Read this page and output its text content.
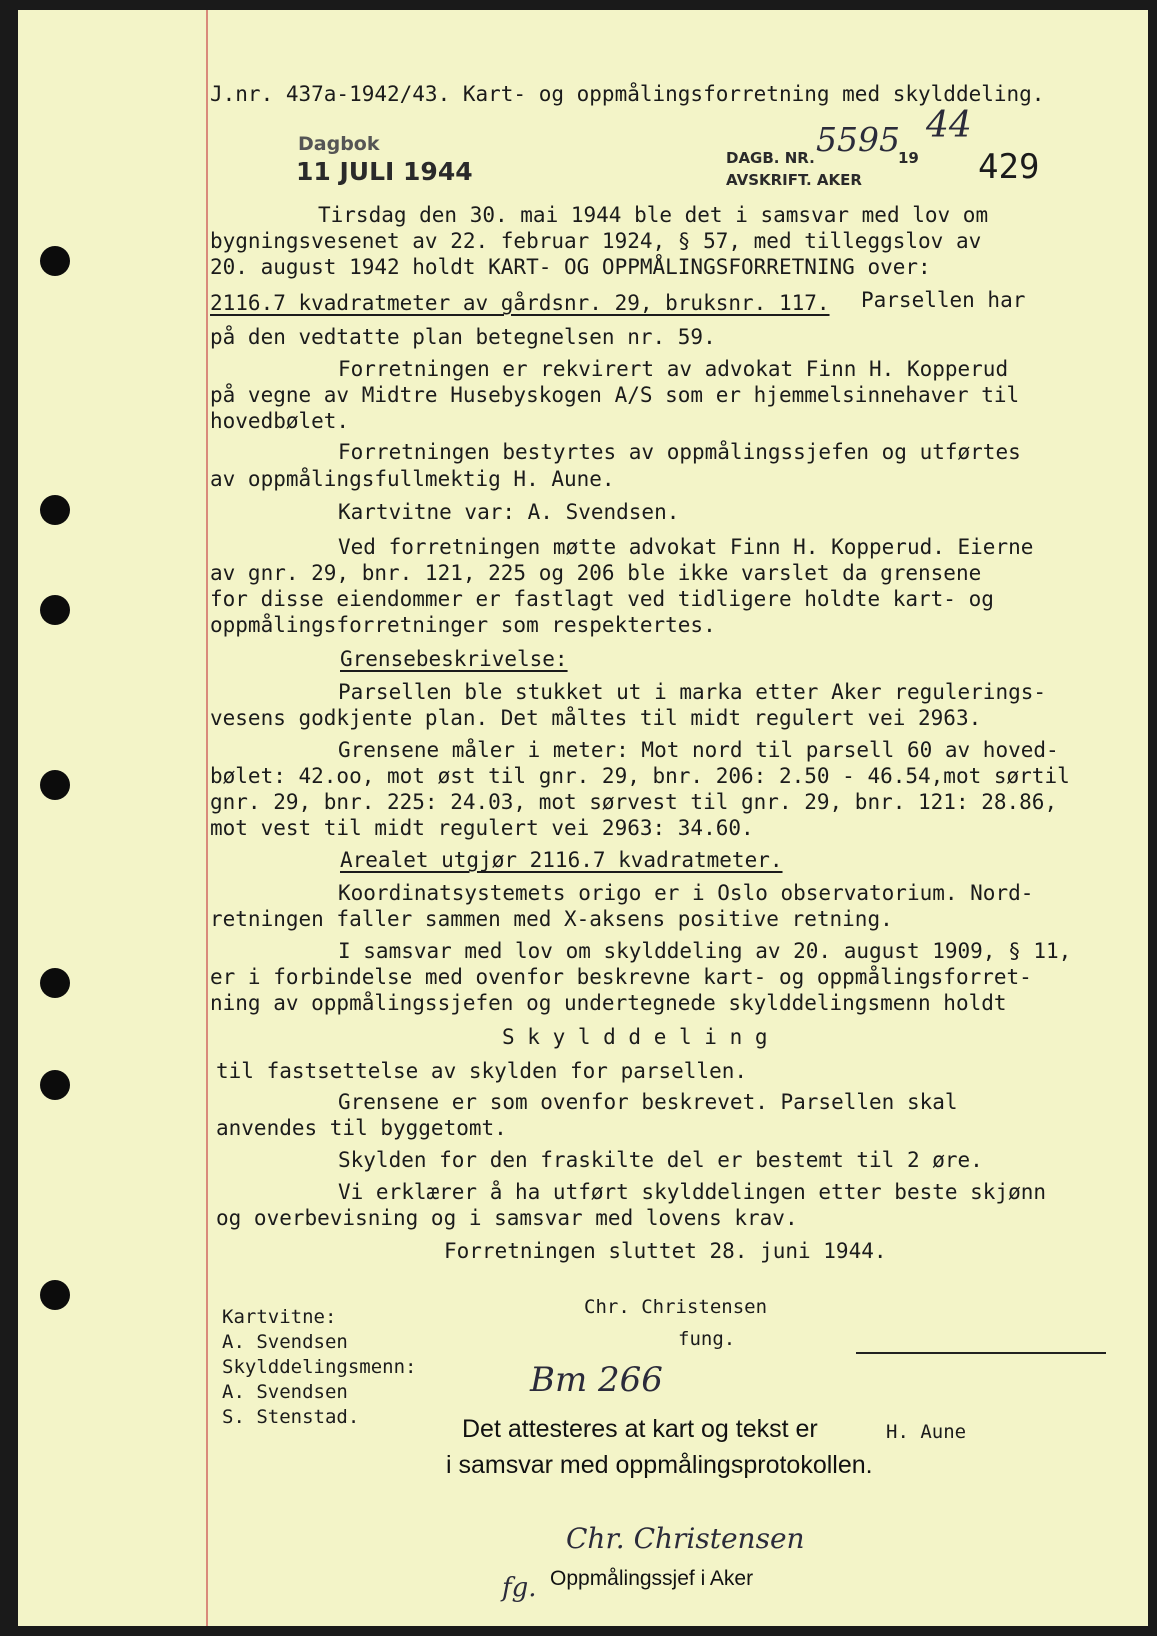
J.nr. 437a-1942/43. Kart- og oppmålingsforretning med skylddeling.
Dagbok
11 JULI 1944	DAGB. NR. 5595
19
44
AVSKRIFT. AKER	429
Tirsdag den 30. mai 1944 ble det i samsvar med lov om
bygningsvesenet av 22. februar 1924, § 57, med tilleggslov av
20. august 1942 holdt KART- OG OPPMÅLINGSFORRETNING over:
2116.7 kvadratmeter av gårdsnr. 29, bruksnr. 117. Parsellen har
på den vedtatte plan betegnelsen nr. 59.
Forretningen er rekvirert av advokat Finn H. Kopperud
på vegne av Midtre Husebyskogen A/S som er hjemmelsinnehaver til
hovedbølet.
Forretningen bestyrtes av oppmålingssjefen og utførtes
av oppmålingsfullmektig H. Aune.
Kartvitne var: A. Svendsen.
Ved forretningen møtte advokat Finn H. Kopperud. Eierne
av gnr. 29, bnr. 121, 225 og 206 ble ikke varslet da grensene
for disse eiendommer er fastlagt ved tidligere holdte kart- og
oppmålingsforretninger som respektertes.
Grensebeskrivelse:
Parsellen ble stukket ut i marka etter Aker regulerings-
vesens godkjente plan. Det måltes til midt regulert vei 2963.
Grensene måler i meter: Mot nord til parsell 60 av hoved-
bølet: 42.oo, mot øst til gnr. 29, bnr. 206: 2.50 - 46.54,mot sørtil
gnr. 29, bnr. 225: 24.03, mot sørvest til gnr. 29, bnr. 121: 28.86,
mot vest til midt regulert vei 2963: 34.60.
Arealet utgjør 2116.7 kvadratmeter.
Koordinatsystemets origo er i Oslo observatorium. Nord-
retningen faller sammen med X-aksens positive retning.
I samsvar med lov om skylddeling av 20. august 1909, § 11,
er i forbindelse med ovenfor beskrevne kart- og oppmålingsforret-
ning av oppmålingssjefen og undertegnede skylddelingsmenn holdt
S k y l d d e l i n g
til fastsettelse av skylden for parsellen.
Grensene er som ovenfor beskrevet. Parsellen skal
anvendes til byggetomt.
Skylden for den fraskilte del er bestemt til 2 øre.
Vi erklærer å ha utført skylddelingen etter beste skjønn
og overbevisning og i samsvar med lovens krav.
Forretningen sluttet 28. juni 1944.
Kartvitne:
A. Svendsen
Skylddelingsmenn:
A. Svendsen
S. Stenstad.
Chr. Christensen
fung.
Bm 266
H. Aune
Det attesteres at kart og tekst er
i samsvar med oppmålingsprotokollen.
Chr. Christensen
fg. Oppmålingssjef i Aker
